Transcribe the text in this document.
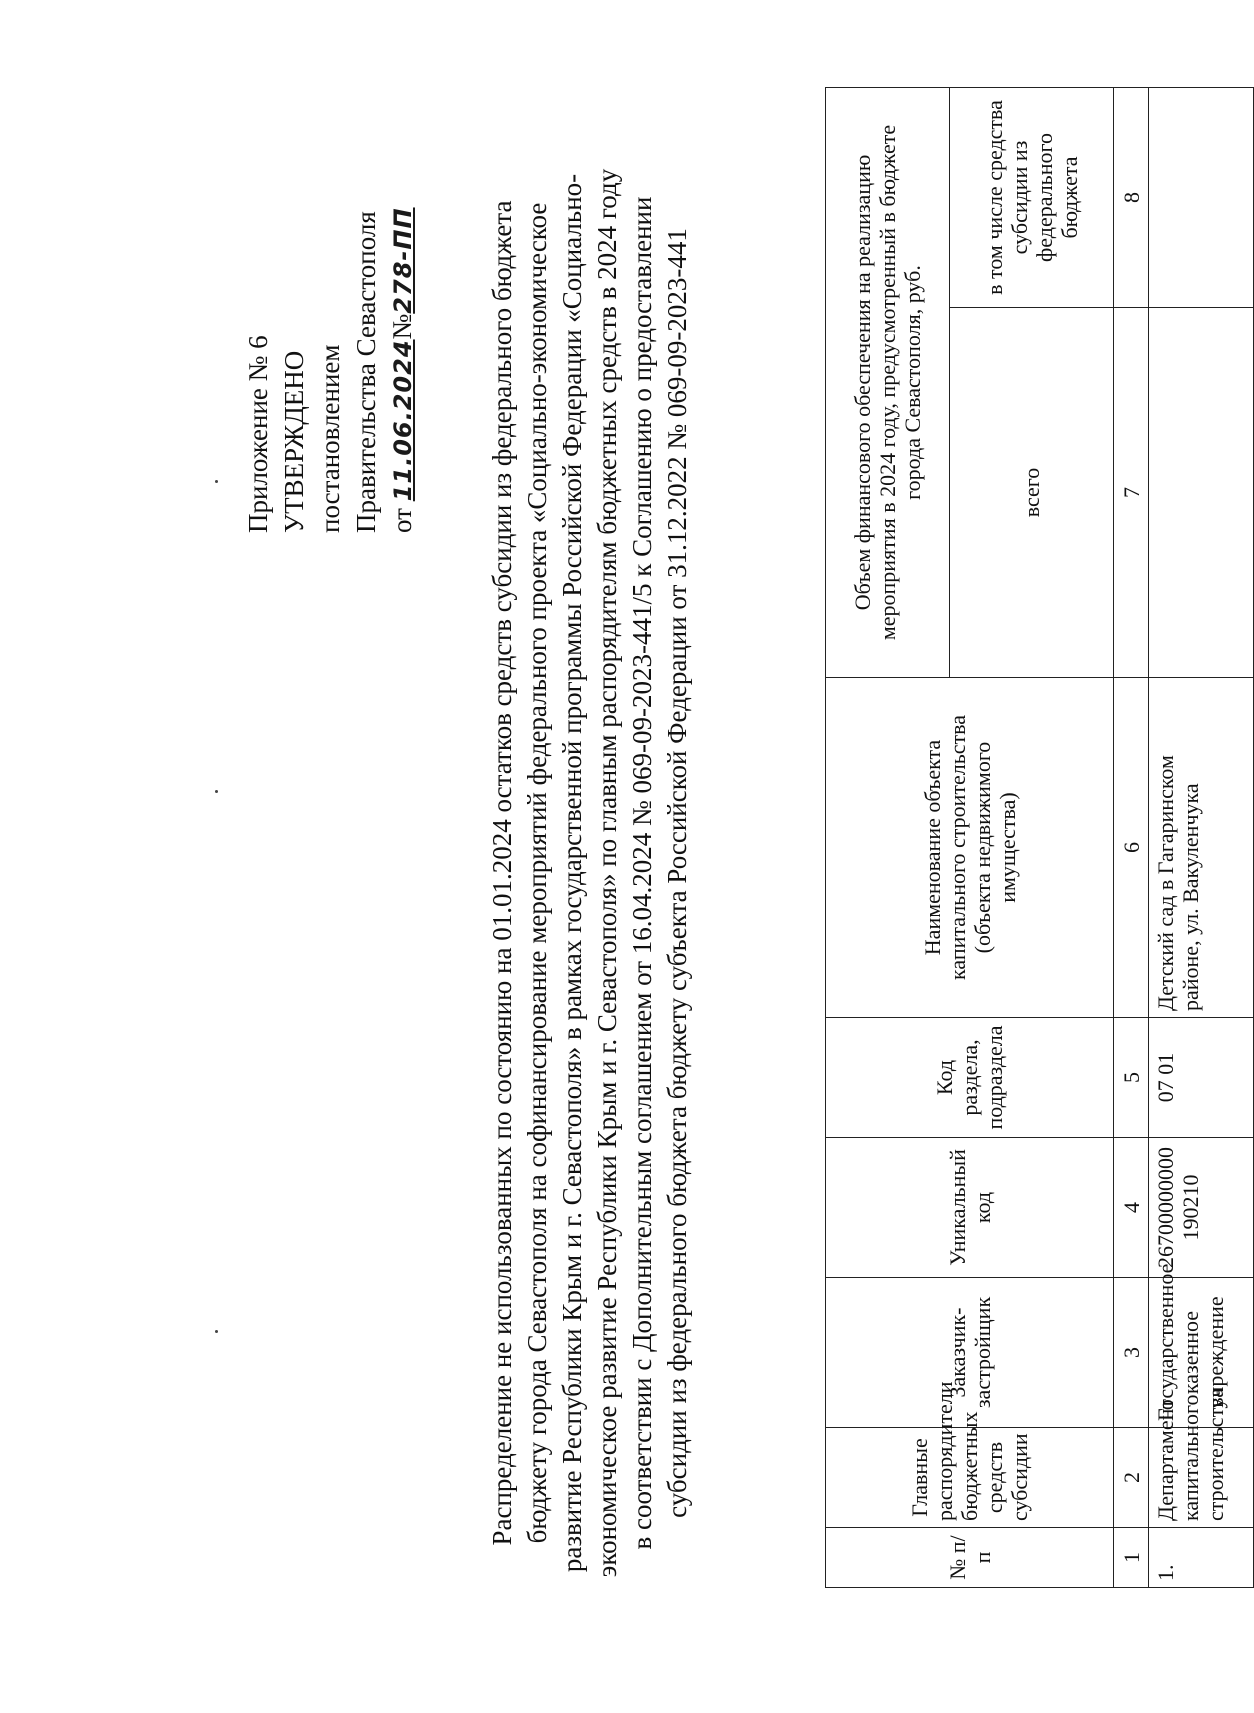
Приложение № 6 УТВЕРЖДЕНО постановлением Правительства Севастополя от 11.06.2024№278-ПП	Распределение не использованных по состоянию на 01.01.2024 остатков средств субсидии из федерального бюджета бюджету города Севастополя на софинансирование мероприятий федерального проекта «Социально-экономическое развитие Республики Крым и г. Севастополя» в рамках государственной программы Российской Федерации «Социально-экономическое развитие Республики Крым и г. Севастополя» по главным распорядителям бюджетных средств в 2024 году в соответствии с Дополнительным соглашением от 16.04.2024 № 069-09-2023-441/5 к Соглашению о предоставлении субсидии из федерального бюджета бюджету субъекта Российской Федерации от 31.12.2022 № 069-09-2023-441
№ п/п	Главные распорядители бюджетных средств субсидии	Заказчик-застройщик	Уникальный код	Код раздела, подраздела	Наименование объекта капитального строительства (объекта недвижимого имущества)	Объем финансового обеспечения на реализацию мероприятия в 2024 году, предусмотренный в бюджете города Севастополя, руб.	
						всего	в том числе средства субсидии из федерального бюджета
1	2	3	4	5	6	7	8
1.	Департамент капитального строительства	Государственное казенное учреждение	26700000000190210	07 01	Детский сад в Гагаринском районе, ул. Вакуленчука		
